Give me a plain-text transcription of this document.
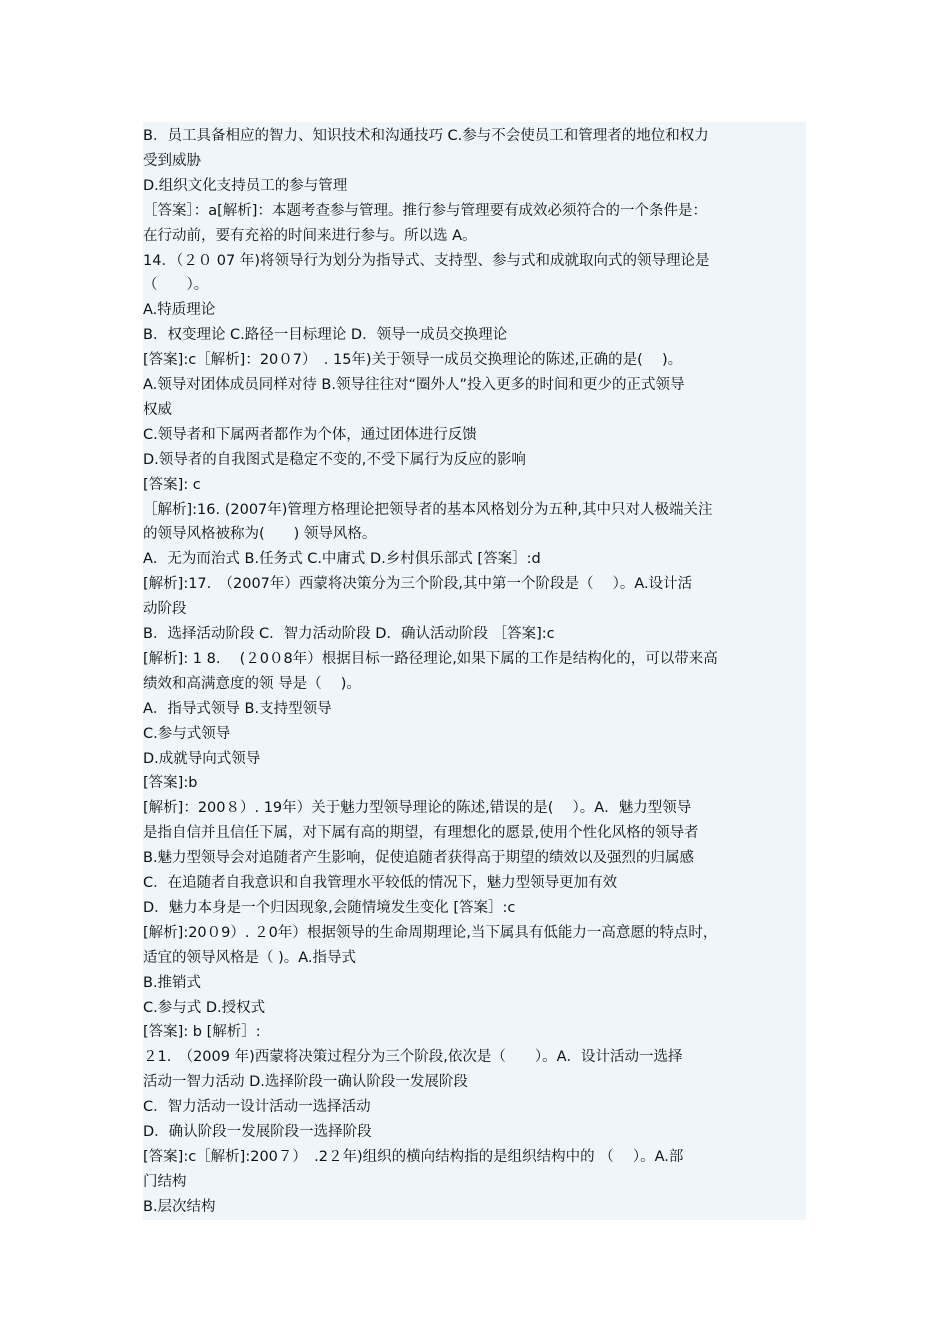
B．员工具备相应的智力、知识技术和沟通技巧 ﻿C.参与不会使员工和管理者的地位和权力
受到威胁
D.组织文化支持员工的参与管理
［答案］：a﻿[解析]：本题考查参与管理。推行参与管理要有成效必须符合的一个条件是：
在行动前，要有充裕的时间来进行参﻿与。所以选 A。
14．（２０ 07 年)将领导行为划分为指导式、支持型、参与式和成就取向式的领导理论是
（　　）。
A.特质理论
B．权变理论 ﻿C.路径一目标理论 ﻿D．领导一成员交换理论
[答案]:c﻿［解析]：20０7）　. 15﻿年)关于领导一成员交换理论的陈述,正确的是(　 )。
A.领导对团体成员同样对待 ﻿B.领导往往对“圈外人”投入更多的时间和更少的正式领导
权威
C.领导者和下属两者都作为个体，通过团体进行反馈
D.领导者的自我图式是稳定不变的,不受下属行为反应的影响
[答案]: c
［解析]:16﻿. (2007年)管理方格理论把领导者的基本风格划分为五种,其中只对人极端关注
的领导风格被称为(　　) 领导风格。
A．无为而治式 ﻿B.任务式 ﻿C.中庸式 ﻿D.乡村俱乐部式 ﻿[答案］:d
[解析]:17﻿.　（2007年）西蒙将决策分为三个阶段,其中第一个阶段是（　 ）。﻿A.设计活
动阶段
B．选择活动阶段 ﻿C．智力活动阶段 ﻿D．确认活动阶段 ﻿［答案]:c
[解析]: 1 8﻿.　 (２0０8年）根据目标一路径理论,如果下属的工作是结构化的，可以带来高
绩效和高满意度的领 导是（　 )。
A．指导式领导 ﻿B.支持型领导
C.参与式领导
D.成就导向式领导
[答案]:b
[解析]：200８）. 19﻿年）关于魅力型领导理论的陈述,错误的是(　 ）。﻿A．魅力型领导
是指自信并且信任下属，对下属有高的期望，有理想化的愿景,使用个性化风格的领导者
B.魅力型领导会对追随者产生影响，促使追随者获得高于期望的绩效以及强烈的归属感
C．在追随者自我意识和自我管理水平较低的情况下，魅力型领导更加有效
D．魅力本身是一个归因现象,会随情境发生变化 ﻿[答案］:c
[解析]:20０9）. ２0﻿年）根据领导的生命周期理论,当下属具有低能力一高意愿的特点时，
适宜的领导风格是（ )。﻿A.指导式
B.推销式
C.参与式 ﻿D.授权式
[答案]: b ﻿[解析］:
２1.　（2009 年)西蒙将决策过程分为三个阶段,依次是（　　）。﻿A．设计活动一选择
活动一智力活动 ﻿D.选择阶段一确认阶段一发展阶段
C．智力活动一设计活动一选择活动
D．确认阶段一发展阶段一选择阶段
[答案]:c﻿［解析]:200７）　.2２﻿年)组织的横向结构指的是组织结构中的 （　 ）。﻿A.部
门结构
B.层次结构
